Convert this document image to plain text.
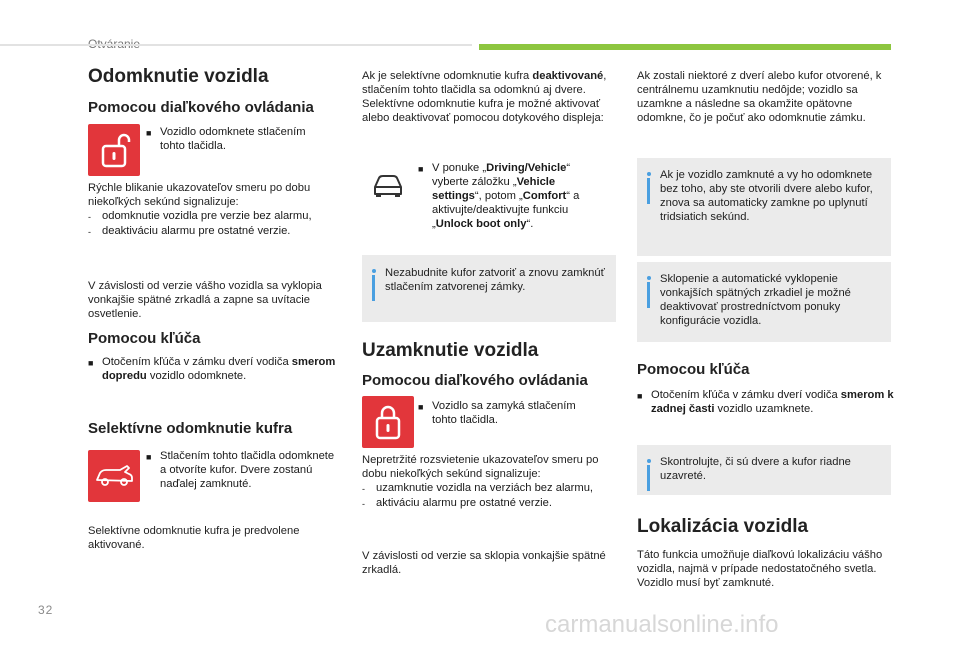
Odomknutie vozidla
Pomocou diaľkového ovládania
■ Vozidlo odomknete stlačením tohto tlačidla.
Rýchle blikanie ukazovateľov smeru po dobu niekoľkých sekúnd signalizuje:
- odomknutie vozidla pre verzie bez alarmu,
- deaktiváciu alarmu pre ostatné verzie.
V závislosti od verzie vášho vozidla sa vyklopia vonkajšie spätné zrkadlá a zapne sa uvítacie osvetlenie.
Pomocou kľúča
■ Otočením kľúča v zámku dverí vodiča smerom dopredu vozidlo odomknete.
Selektívne odomknutie kufra
■ Stlačením tohto tlačidla odomknete a otvoríte kufor. Dvere zostanú naďalej zamknuté.
Selektívne odomknutie kufra je predvolene aktivované.
Ak je selektívne odomknutie kufra deaktivované, stlačením tohto tlačidla sa odomknú aj dvere. Selektívne odomknutie kufra je možné aktivovať alebo deaktivovať pomocou dotykového displeja:
■ V ponuke „Driving/Vehicle“ vyberte záložku „Vehicle settings“, potom „Comfort“ a aktivujte/deaktivujte funkciu „Unlock boot only“.
Nezabudnite kufor zatvoriť a znovu zamknúť stlačením zatvorenej zámky.
Uzamknutie vozidla
Pomocou diaľkového ovládania
■ Vozidlo sa zamyká stlačením tohto tlačidla.
Nepretržité rozsvietenie ukazovateľov smeru po dobu niekoľkých sekúnd signalizuje:
- uzamknutie vozidla na verziách bez alarmu,
- aktiváciu alarmu pre ostatné verzie.
V závislosti od verzie sa sklopia vonkajšie spätné zrkadlá.
Ak zostali niektoré z dverí alebo kufor otvorené, k centrálnemu uzamknutiu nedôjde; vozidlo sa uzamkne a následne sa okamžite opätovne odomkne, čo je počuť ako odomknutie zámku.
Ak je vozidlo zamknuté a vy ho odomknete bez toho, aby ste otvorili dvere alebo kufor, znova sa automaticky zamkne po uplynutí tridsiatich sekúnd.
Sklopenie a automatické vyklopenie vonkajších spätných zrkadiel je možné deaktivovať prostredníctvom ponuky konfigurácie vozidla.
Pomocou kľúča
■ Otočením kľúča v zámku dverí vodiča smerom k zadnej časti vozidlo uzamknete.
Skontrolujte, či sú dvere a kufor riadne uzavreté.
Lokalizácia vozidla
Táto funkcia umožňuje diaľkovú lokalizáciu vášho vozidla, najmä v prípade nedostatočného svetla. Vozidlo musí byť zamknuté.
32
carmanualsonline.info
